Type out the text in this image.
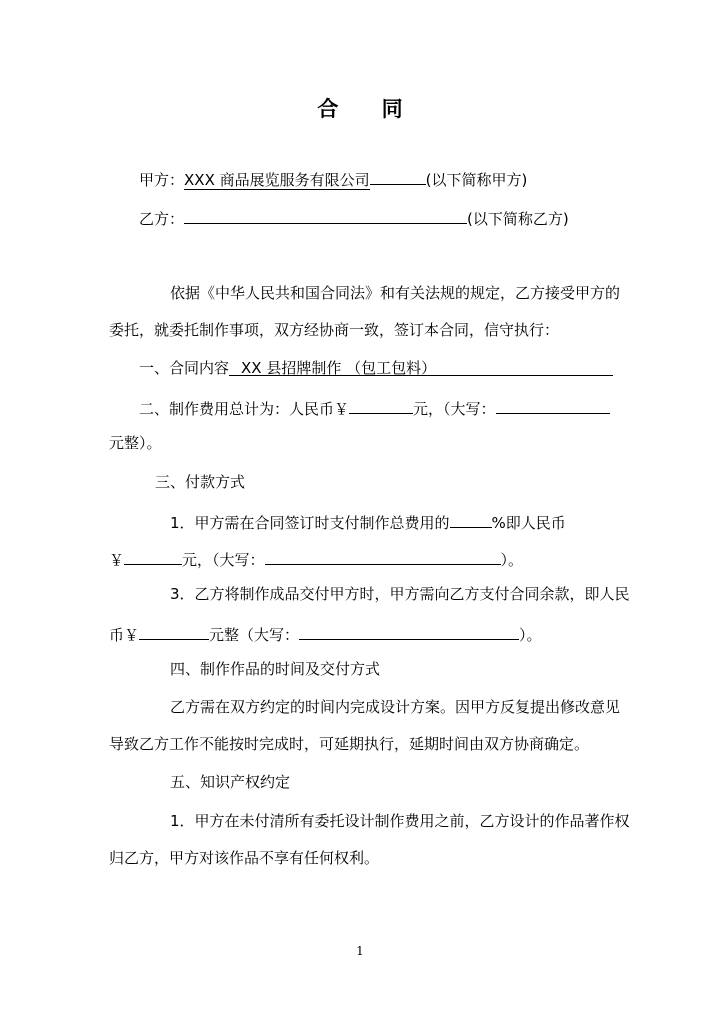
合 同
甲方：XXX 商品展览服务有限公司	(以下简称甲方)
乙方：	(以下简称乙方)
依据《中华人民共和国合同法》和有关法规的规定，乙方接受甲方的
委托，就委托制作事项，双方经协商一致，签订本合同，信守执行：
一、合同内容 XX 县招牌制作 （包工包料）
二、制作费用总计为：人民币￥	元，（大写：
元整）。
三、付款方式
1．甲方需在合同签订时支付制作总费用的	%即人民币
￥	元，（大写：	）。
3．乙方将制作成品交付甲方时，甲方需向乙方支付合同余款，即人民
币￥	元整（大写：	）。
四、制作作品的时间及交付方式
乙方需在双方约定的时间内完成设计方案。因甲方反复提出修改意见
导致乙方工作不能按时完成时，可延期执行，延期时间由双方协商确定。
五、知识产权约定
1．甲方在未付清所有委托设计制作费用之前，乙方设计的作品著作权
归乙方，甲方对该作品不享有任何权利。
1
